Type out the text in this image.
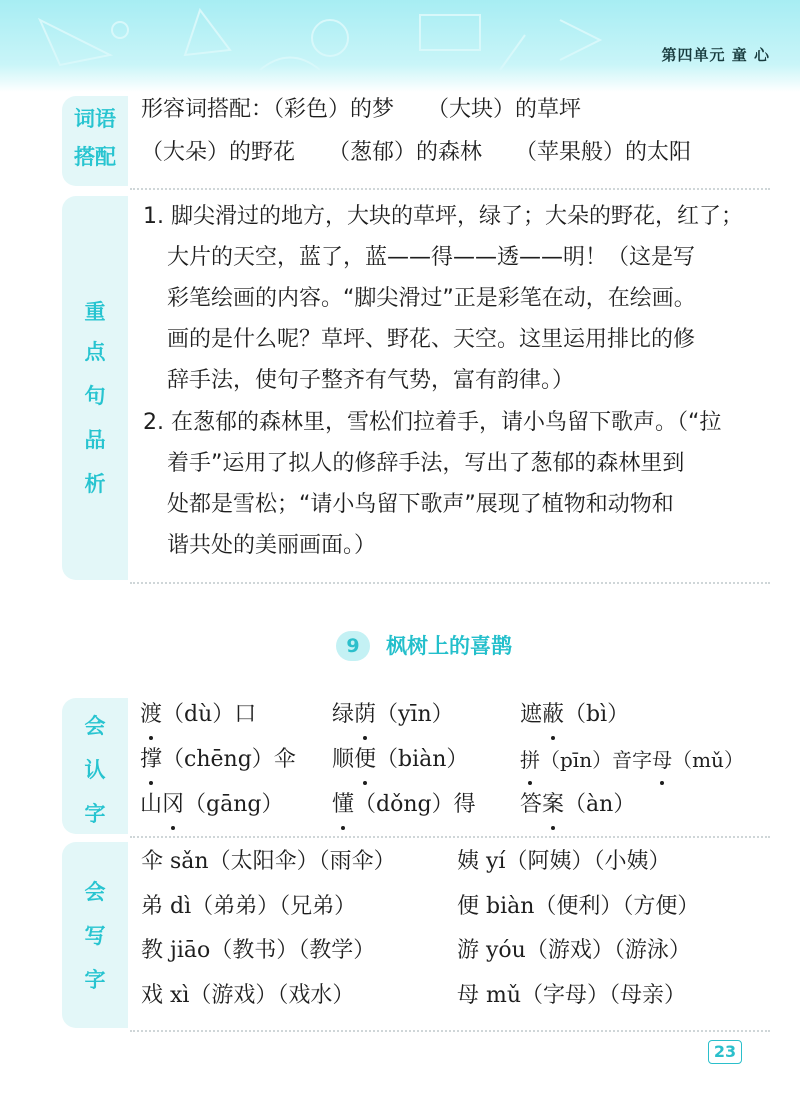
第四单元 童 心
词语
搭配
形容词搭配：（彩色）的梦　　（大块）的草坪
（大朵）的野花　　（葱郁）的森林　　（苹果般）的太阳
重
点
句
品
析
1. 脚尖滑过的地方，大块的草坪，绿了；大朵的野花，红了；
大片的天空，蓝了，蓝——得——透——明！（这是写
彩笔绘画的内容。“脚尖滑过”正是彩笔在动，在绘画。
画的是什么呢？草坪、野花、天空。这里运用排比的修
辞手法，使句子整齐有气势，富有韵律。）
2. 在葱郁的森林里，雪松们拉着手，请小鸟留下歌声。（“拉
着手”运用了拟人的修辞手法，写出了葱郁的森林里到
处都是雪松；“请小鸟留下歌声”展现了植物和动物和
谐共处的美丽画面。）
9	枫树上的喜鹊
会
认
字
渡（dù）口	绿荫（yīn）	遮蔽（bì）
撑（chēng）伞 顺便（biàn）	拼（pīn）音字母（mǔ）
山冈（gāng） 懂（dǒng）得 答案（àn）
会
写
字
伞 sǎn（太阳伞）（雨伞）	姨 yí（阿姨）（小姨）
弟 dì（弟弟）（兄弟）	便 biàn（便利）（方便）
教 jiāo（教书）（教学）	游 yóu（游戏）（游泳）
戏 xì（游戏）（戏水）	母 mǔ（字母）（母亲）
23
